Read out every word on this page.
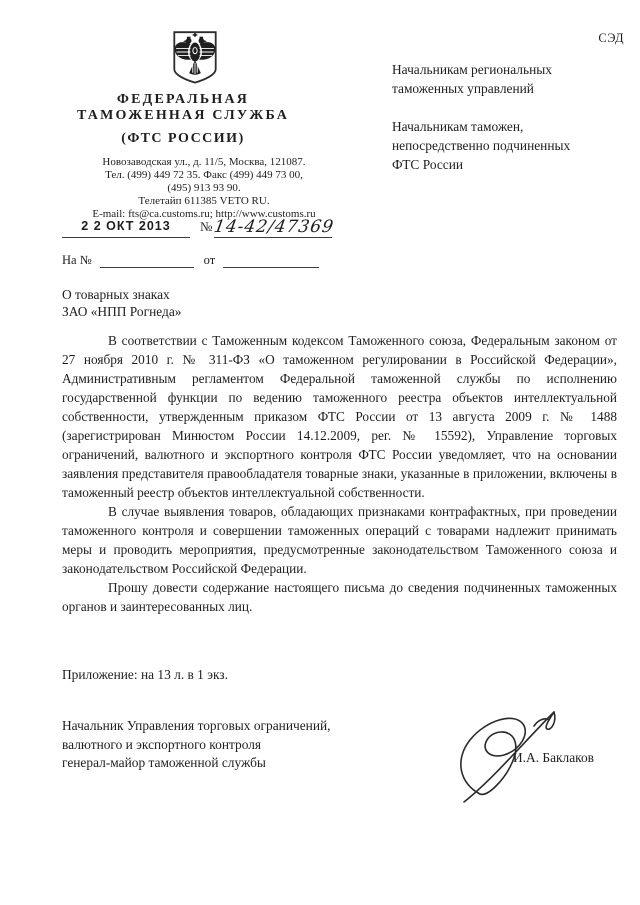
ФЕДЕРАЛЬНАЯ
ТАМОЖЕННАЯ СЛУЖБА
(ФТС РОССИИ)
Новозаводская ул., д. 11/5, Москва, 121087.
Тел. (499) 449 72 35. Факс (499) 449 73 00,
(495) 913 93 90.
Телетайп 611385 VETO RU.
E-mail: fts@ca.customs.ru; http://www.customs.ru
СЭД
Начальникам региональных
таможенных управлений
Начальникам таможен,
непосредственно подчиненных
ФТС России
2 2 ОКТ 2013 №14-42/47369
На №	от
О товарных знаках
ЗАО «НПП Рогнеда»

В соответствии с Таможенным кодексом Таможенного союза, Федеральным законом от 27 ноября 2010 г. № 311-ФЗ «О таможенном регулировании в Российской Федерации», Административным регламентом Федеральной таможенной службы по исполнению государственной функции по ведению таможенного реестра объектов интеллектуальной собственности, утвержденным приказом ФТС России от 13 августа 2009 г. № 1488 (зарегистрирован Минюстом России 14.12.2009, рег. № 15592), Управление торговых ограничений, валютного и экспортного контроля ФТС России уведомляет, что на основании заявления представителя правообладателя товарные знаки, указанные в приложении, включены в таможенный реестр объектов интеллектуальной собственности.

В случае выявления товаров, обладающих признаками контрафактных, при проведении таможенного контроля и совершении таможенных операций с товарами надлежит принимать меры и проводить мероприятия, предусмотренные законодательством Таможенного союза и законодательством Российской Федерации.

Прошу довести содержание настоящего письма до сведения подчиненных таможенных органов и заинтересованных лиц.

Приложение: на 13 л. в 1 экз.
Начальник Управления торговых ограничений,
валютного и экспортного контроля
генерал-майор таможенной службы	И.А. Баклаков
